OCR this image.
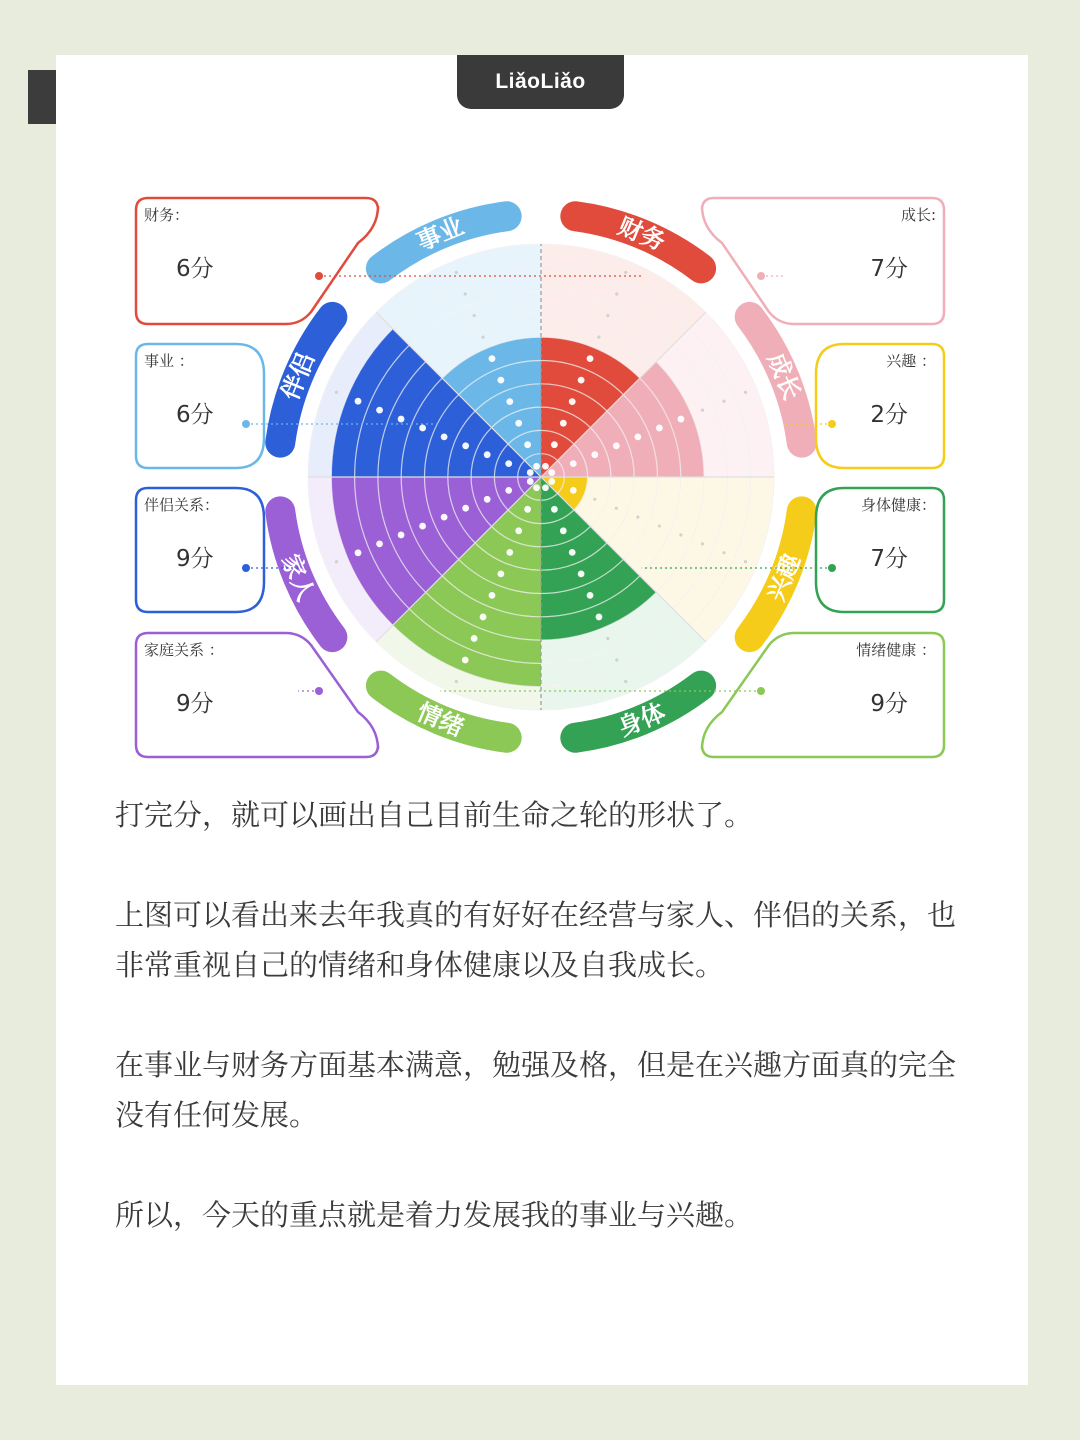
LiǎoLiǎo
财务
成长
兴趣
身体
情绪
家人
伴侣
事业
财务：
6分
事业 ：
6分
伴侣关系：
9分
家庭关系 ：
9分
成长:
7分
兴趣 ：
2分
身体健康：
7分
情绪健康 ：
9分

打完分，就可以画出自己目前生命之轮的形状了。

上图可以看出来去年我真的有好好在经营与家人、伴侣的关系，也非常重视自己的情绪和身体健康以及自我成长。

在事业与财务方面基本满意，勉强及格，但是在兴趣方面真的完全没有任何发展。

所以，今天的重点就是着力发展我的事业与兴趣。
